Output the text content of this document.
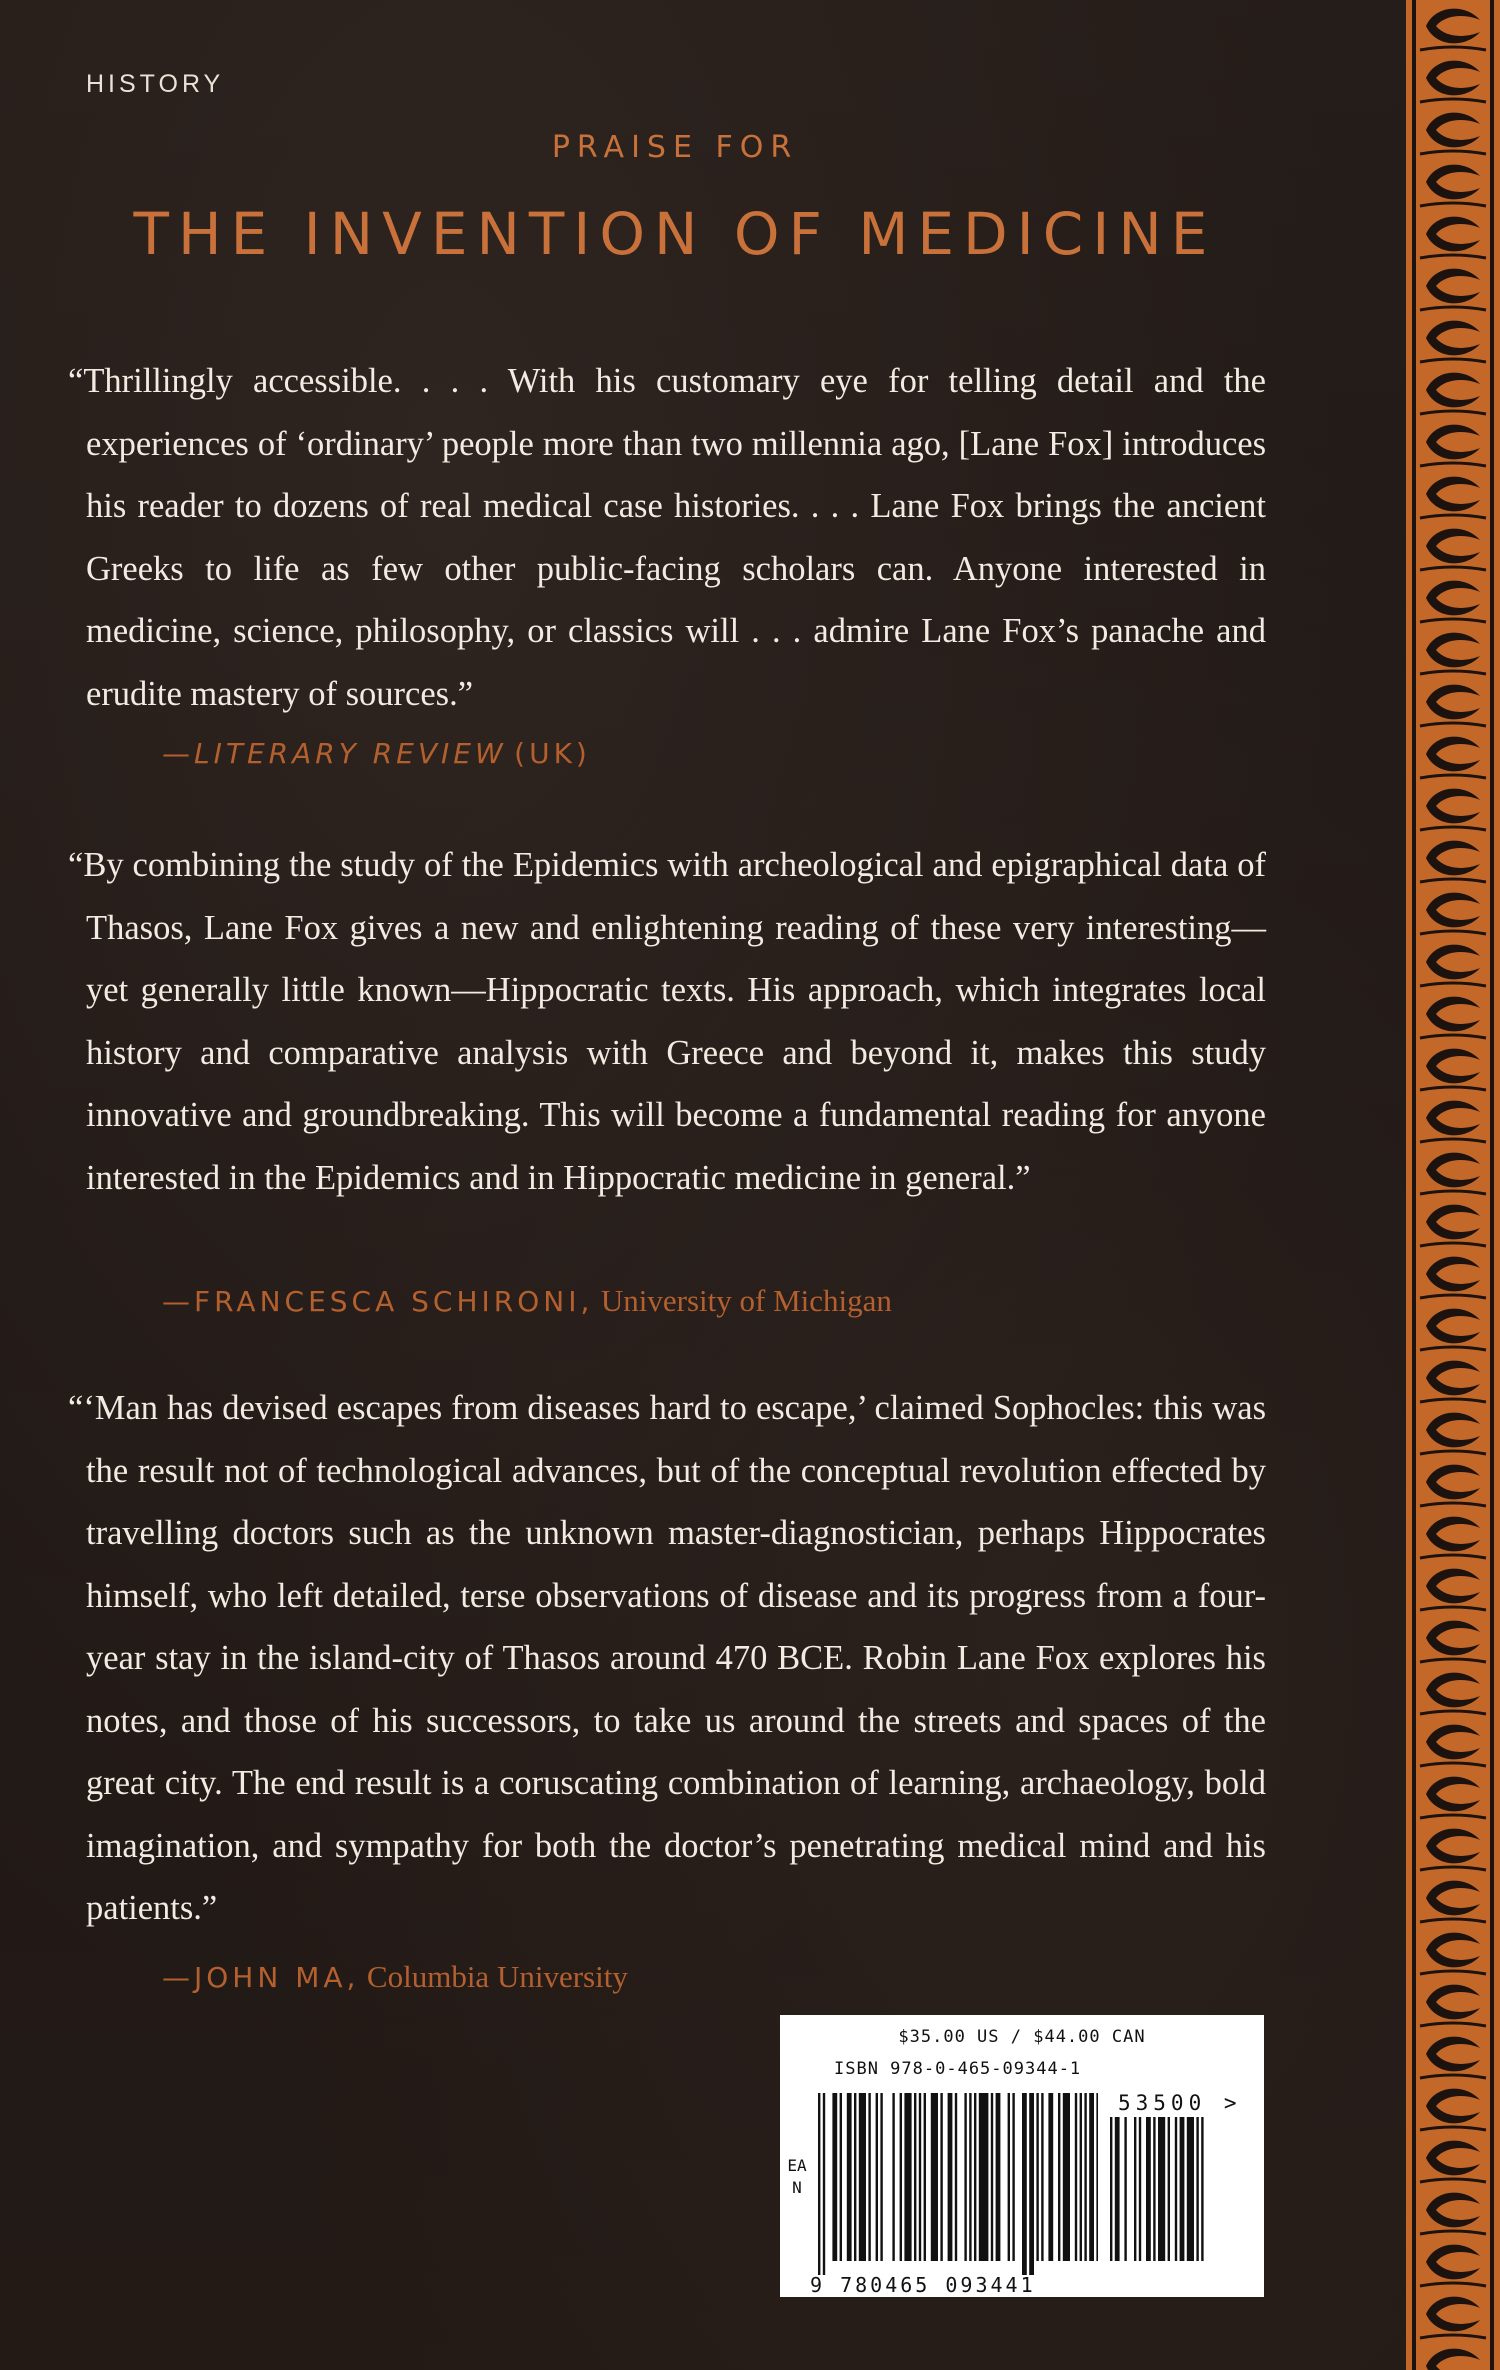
HISTORY
PRAISE FOR
THE INVENTION OF MEDICINE
“Thrillingly accessible. . . . With his customary eye for telling detail and the experiences of ‘ordinary’ people more than two millennia ago, [Lane Fox] introduces his reader to dozens of real medical case histories. . . . Lane Fox brings the ancient Greeks to life as few other public-facing scholars can. Anyone interested in medicine, science, philosophy, or classics will . . . admire Lane Fox’s panache and erudite mastery of sources.”
—LITERARY REVIEW (UK)
“By combining the study of the Epidemics with archeological and epigraphical data of Thasos, Lane Fox gives a new and enlightening reading of these very interesting—yet generally little known—Hippocratic texts. His approach, which integrates local history and comparative analysis with Greece and beyond it, makes this study innovative and groundbreaking. This will become a fundamental reading for anyone interested in the Epidemics and in Hippocratic medicine in general.”
—FRANCESCA SCHIRONI, University of Michigan
“‘Man has devised escapes from diseases hard to escape,’ claimed Sophocles: this was the result not of technological advances, but of the conceptual revolution effected by travelling doctors such as the unknown master-diagnostician, perhaps Hippocrates himself, who left detailed, terse observations of disease and its progress from a four-year stay in the island-city of Thasos around 470 BCE. Robin Lane Fox explores his notes, and those of his successors, to take us around the streets and spaces of the great city. The end result is a coruscating combination of learning, archaeology, bold imagination, and sympathy for both the doctor’s penetrating medical mind and his patients.”
—JOHN MA, Columbia University
$35.00 US / $44.00 CAN
ISBN 978-0-465-09344-1
EAN
53500 >
9 780465 093441
